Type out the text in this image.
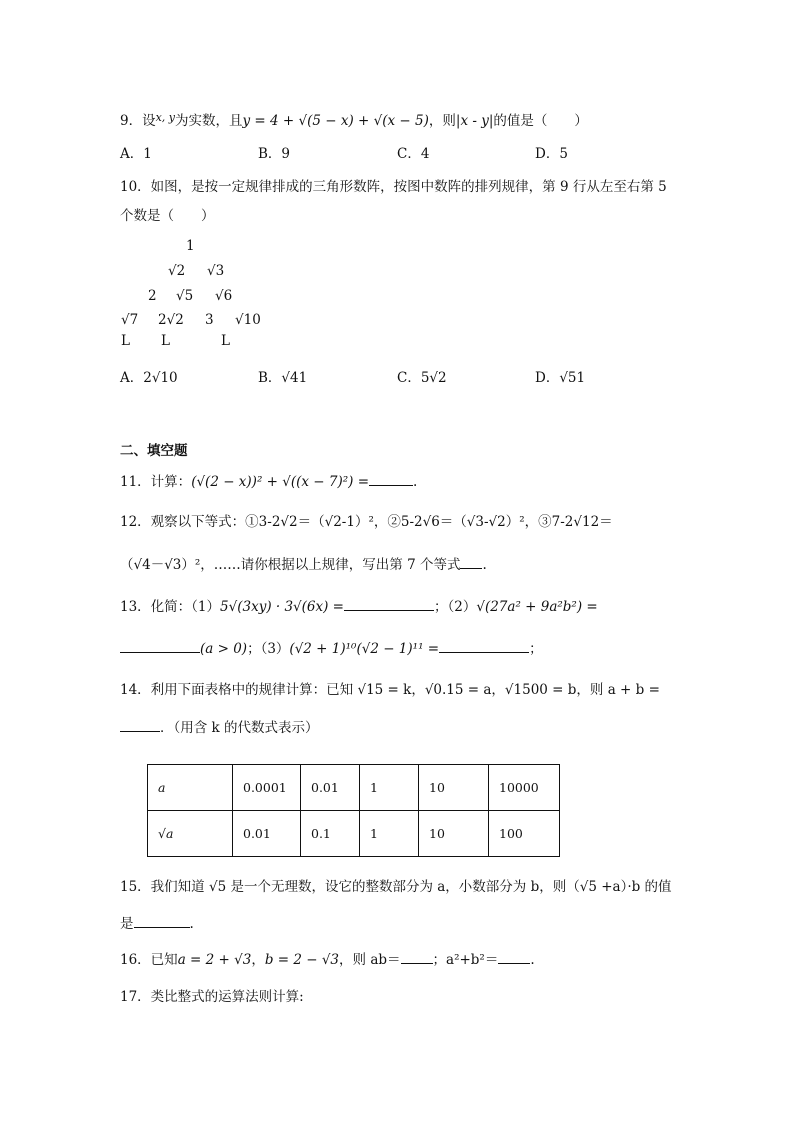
9．设$^{x, y}$为实数，且y = 4 + √(5 − x) + √(x − 5)，则|x - y|的值是（　　）
A．1	B．9	C．4	D．5
10．如图，是按一定规律排成的三角形数阵，按图中数阵的排列规律，第 9 行从左至右第 5
个数是（　　）
1
√2 √3
2 √5 √6
√7 2√2 3 √10
L L	L
A．2√10	B．√41	C．5√2	D．√51
二、填空题
11．计算：(√(2 − x))² + √((x − 7)²) =	.
12．观察以下等式：①3-2√2＝（√2-1）²，②5-2√6＝（√3-√2）²，③7-2√12＝
（√4－√3）²，……请你根据以上规律，写出第 7 个等式 .
13．化简：（1）5√(3xy) · 3√(6x) =	；（2）√(27a² + 9a²b²) =
(a > 0)；（3）(√2 + 1)¹⁰(√2 − 1)¹¹ =	；
14．利用下面表格中的规律计算：已知 √15 = k，√0.15 = a，√1500 = b，则 a + b =
．（用含 k 的代数式表示）
a	0.0001	0.01	1	10	10000
√a	0.01	0.1	1	10	100
15．我们知道 √5 是一个无理数，设它的整数部分为 a，小数部分为 b，则（√5 +a）·b 的值
是	.
16．已知a = 2 + √3，b = 2 − √3，则 ab＝ ；a²+b²＝ .
17．类比整式的运算法则计算:
